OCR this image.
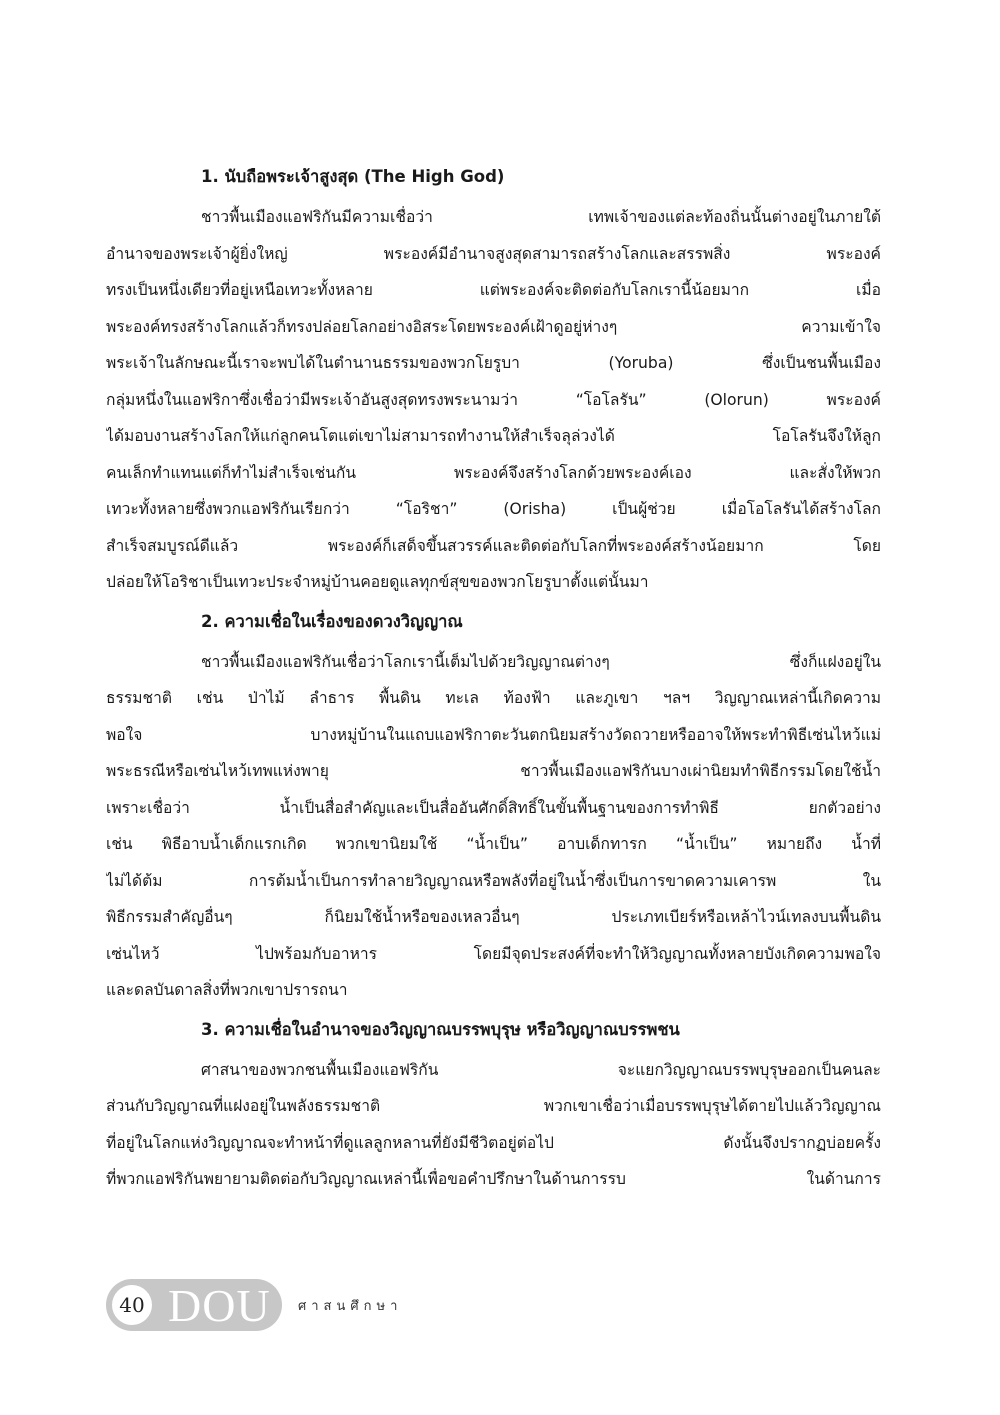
1. นับถือพระเจ้าสูงสุด (The High God)
ชาวพื้นเมืองแอฟริกันมีความเชื่อว่า เทพเจ้าของแต่ละท้องถิ่นนั้นต่างอยู่ในภายใต้
อำนาจของพระเจ้าผู้ยิ่งใหญ่ พระองค์มีอำนาจสูงสุดสามารถสร้างโลกและสรรพสิ่ง พระองค์
ทรงเป็นหนึ่งเดียวที่อยู่เหนือเทวะทั้งหลาย แต่พระองค์จะติดต่อกับโลกเรานี้น้อยมาก เมื่อ
พระองค์ทรงสร้างโลกแล้วก็ทรงปล่อยโลกอย่างอิสระโดยพระองค์เฝ้าดูอยู่ห่างๆ ความเข้าใจ
พระเจ้าในลักษณะนี้เราจะพบได้ในตำนานธรรมของพวกโยรูบา (Yoruba) ซึ่งเป็นชนพื้นเมือง
กลุ่มหนึ่งในแอฟริกาซึ่งเชื่อว่ามีพระเจ้าอันสูงสุดทรงพระนามว่า “โอโลรัน” (Olorun) พระองค์
ได้มอบงานสร้างโลกให้แก่ลูกคนโตแต่เขาไม่สามารถทำงานให้สำเร็จลุล่วงได้ โอโลรันจึงให้ลูก
คนเล็กทำแทนแต่ก็ทำไม่สำเร็จเช่นกัน พระองค์จึงสร้างโลกด้วยพระองค์เอง และสั่งให้พวก
เทวะทั้งหลายซึ่งพวกแอฟริกันเรียกว่า “โอริชา” (Orisha) เป็นผู้ช่วย เมื่อโอโลรันได้สร้างโลก
สำเร็จสมบูรณ์ดีแล้ว พระองค์ก็เสด็จขึ้นสวรรค์และติดต่อกับโลกที่พระองค์สร้างน้อยมาก โดย
ปล่อยให้โอริชาเป็นเทวะประจำหมู่บ้านคอยดูแลทุกข์สุขของพวกโยรูบาตั้งแต่นั้นมา
2. ความเชื่อในเรื่องของดวงวิญญาณ
ชาวพื้นเมืองแอฟริกันเชื่อว่าโลกเรานี้เต็มไปด้วยวิญญาณต่างๆ ซึ่งก็แฝงอยู่ใน
ธรรมชาติ เช่น ป่าไม้ ลำธาร พื้นดิน ทะเล ท้องฟ้า และภูเขา ฯลฯ วิญญาณเหล่านี้เกิดความ
พอใจ บางหมู่บ้านในแถบแอฟริกาตะวันตกนิยมสร้างวัดถวายหรืออาจให้พระทำพิธีเซ่นไหว้แม่
พระธรณีหรือเซ่นไหว้เทพแห่งพายุ ชาวพื้นเมืองแอฟริกันบางเผ่านิยมทำพิธีกรรมโดยใช้น้ำ
เพราะเชื่อว่า น้ำเป็นสื่อสำคัญและเป็นสื่ออันศักดิ์สิทธิ์ในขั้นพื้นฐานของการทำพิธี ยกตัวอย่าง
เช่น พิธีอาบน้ำเด็กแรกเกิด พวกเขานิยมใช้ “น้ำเป็น” อาบเด็กทารก “น้ำเป็น” หมายถึง น้ำที่
ไม่ได้ต้ม การต้มน้ำเป็นการทำลายวิญญาณหรือพลังที่อยู่ในน้ำซึ่งเป็นการขาดความเคารพ ใน
พิธีกรรมสำคัญอื่นๆ ก็นิยมใช้น้ำหรือของเหลวอื่นๆ ประเภทเบียร์หรือเหล้าไวน์เทลงบนพื้นดิน
เซ่นไหว้ ไปพร้อมกับอาหาร โดยมีจุดประสงค์ที่จะทำให้วิญญาณทั้งหลายบังเกิดความพอใจ
และดลบันดาลสิ่งที่พวกเขาปรารถนา
3. ความเชื่อในอำนาจของวิญญาณบรรพบุรุษ หรือวิญญาณบรรพชน
ศาสนาของพวกชนพื้นเมืองแอฟริกัน จะแยกวิญญาณบรรพบุรุษออกเป็นคนละ
ส่วนกับวิญญาณที่แฝงอยู่ในพลังธรรมชาติ พวกเขาเชื่อว่าเมื่อบรรพบุรุษได้ตายไปแล้ววิญญาณ
ที่อยู่ในโลกแห่งวิญญาณจะทำหน้าที่ดูแลลูกหลานที่ยังมีชีวิตอยู่ต่อไป ดังนั้นจึงปรากฏบ่อยครั้ง
ที่พวกแอฟริกันพยายามติดต่อกับวิญญาณเหล่านี้เพื่อขอคำปรึกษาในด้านการรบ ในด้านการ
40 DOU ศาสนศึกษา
